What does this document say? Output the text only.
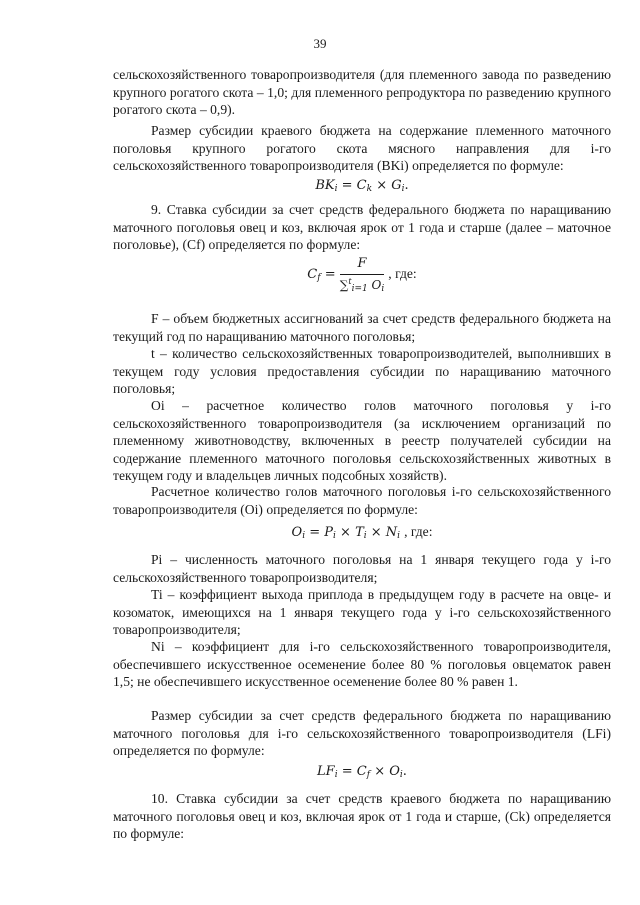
39

сельскохозяйственного товаропроизводителя (для племенного завода по разведению крупного рогатого скота – 1,0; для племенного репродуктора по разведению крупного рогатого скота – 0,9).

Размер субсидии краевого бюджета на содержание племенного маточного поголовья крупного рогатого скота мясного направления для i-го сельскохозяйственного товаропроизводителя (BKi) определяется по формуле:

$BK_i = C_k \times G_i$.

9. Ставка субсидии за счет средств федерального бюджета по наращиванию маточного поголовья овец и коз, включая ярок от 1 года и старше (далее – маточное поголовье), (Cf) определяется по формуле:

$C_f = \frac{F}{\sum^t_{i=1} O_i}$ , где:

F – объем бюджетных ассигнований за счет средств федерального бюджета на текущий год по наращиванию маточного поголовья;

t – количество сельскохозяйственных товаропроизводителей, выполнивших в текущем году условия предоставления субсидии по наращиванию маточного поголовья;

Oi – расчетное количество голов маточного поголовья у i-го сельскохозяйственного товаропроизводителя (за исключением организаций по племенному животноводству, включенных в реестр получателей субсидии на содержание племенного маточного поголовья сельскохозяйственных животных в текущем году и владельцев личных подсобных хозяйств).

Расчетное количество голов маточного поголовья i-го сельскохозяйственного товаропроизводителя (Oi) определяется по формуле:

$O_i = P_i \times T_i \times N_i$ , где:

Pi – численность маточного поголовья на 1 января текущего года у i-го сельскохозяйственного товаропроизводителя;

Ti – коэффициент выхода приплода в предыдущем году в расчете на овце- и козоматок, имеющихся на 1 января текущего года у i-го сельскохозяйственного товаропроизводителя;

Ni – коэффициент для i-го сельскохозяйственного товаропроизводителя, обеспечившего искусственное осеменение более 80 % поголовья овцематок равен 1,5; не обеспечившего искусственное осеменение более 80 % равен 1.

Размер субсидии за счет средств федерального бюджета по наращиванию маточного поголовья для i-го сельскохозяйственного товаропроизводителя (LFi) определяется по формуле:

$LF_i = C_f \times O_i$.

10. Ставка субсидии за счет средств краевого бюджета по наращиванию маточного поголовья овец и коз, включая ярок от 1 года и старше, (Ck) определяется по формуле:
